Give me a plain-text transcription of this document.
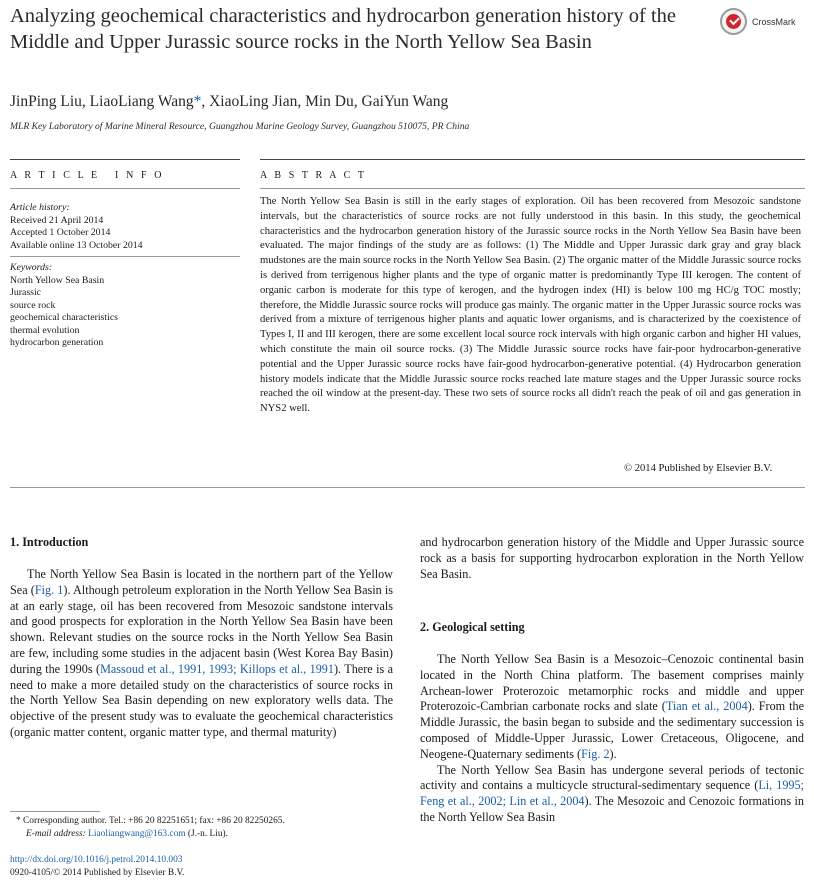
Analyzing geochemical characteristics and hydrocarbon generation history of the Middle and Upper Jurassic source rocks in the North Yellow Sea Basin
CrossMark
JinPing Liu, LiaoLiang Wang*, XiaoLing Jian, Min Du, GaiYun Wang
MLR Key Laboratory of Marine Mineral Resource, Guangzhou Marine Geology Survey, Guangzhou 510075, PR China
A R T I C L E   I N F O
Article history:
Received 21 April 2014
Accepted 1 October 2014
Available online 13 October 2014
Keywords:
North Yellow Sea Basin
Jurassic
source rock
geochemical characteristics
thermal evolution
hydrocarbon generation
A B S T R A C T
The North Yellow Sea Basin is still in the early stages of exploration. Oil has been recovered from Mesozoic sandstone intervals, but the characteristics of source rocks are not fully understood in this basin. In this study, the geochemical characteristics and the hydrocarbon generation history of the Jurassic source rocks in the North Yellow Sea Basin have been evaluated. The major findings of the study are as follows: (1) The Middle and Upper Jurassic dark gray and gray black mudstones are the main source rocks in the North Yellow Sea Basin. (2) The organic matter of the Middle Jurassic source rocks is derived from terrigenous higher plants and the type of organic matter is predominantly Type III kerogen. The content of organic carbon is moderate for this type of kerogen, and the hydrogen index (HI) is below 100 mg HC/g TOC mostly; therefore, the Middle Jurassic source rocks will produce gas mainly. The organic matter in the Upper Jurassic source rocks was derived from a mixture of terrigenous higher plants and aquatic lower organisms, and is characterized by the coexistence of Types I, II and III kerogen, there are some excellent local source rock intervals with high organic carbon and higher HI values, which constitute the main oil source rocks. (3) The Middle Jurassic source rocks have fair-poor hydrocarbon-generative potential and the Upper Jurassic source rocks have fair-good hydrocarbon-generative potential. (4) Hydrocarbon generation history models indicate that the Middle Jurassic source rocks reached late mature stages and the Upper Jurassic source rocks reached the oil window at the present-day. These two sets of source rocks all didn't reach the peak of oil and gas generation in NYS2 well.
© 2014 Published by Elsevier B.V.
1. Introduction

The North Yellow Sea Basin is located in the northern part of the Yellow Sea (Fig. 1). Although petroleum exploration in the North Yellow Sea Basin is at an early stage, oil has been recovered from Mesozoic sandstone intervals and good prospects for exploration in the North Yellow Sea Basin have been shown. Relevant studies on the source rocks in the North Yellow Sea Basin are few, including some studies in the adjacent basin (West Korea Bay Basin) during the 1990s (Massoud et al., 1991, 1993; Killops et al., 1991). There is a need to make a more detailed study on the characteristics of source rocks in the North Yellow Sea Basin depending on new exploratory wells data. The objective of the present study was to evaluate the geochemical characteristics (organic matter content, organic matter type, and thermal maturity)

and hydrocarbon generation history of the Middle and Upper Jurassic source rock as a basis for supporting hydrocarbon exploration in the North Yellow Sea Basin.
2. Geological setting

The North Yellow Sea Basin is a Mesozoic–Cenozoic continental basin located in the North China platform. The basement comprises mainly Archean-lower Proterozoic metamorphic rocks and middle and upper Proterozoic-Cambrian carbonate rocks and slate (Tian et al., 2004). From the Middle Jurassic, the basin began to subside and the sedimentary succession is composed of Middle-Upper Jurassic, Lower Cretaceous, Oligocene, and Neogene-Quaternary sediments (Fig. 2).

The North Yellow Sea Basin has undergone several periods of tectonic activity and contains a multicycle structural-sedimentary sequence (Li, 1995; Feng et al., 2002; Lin et al., 2004). The Mesozoic and Cenozoic formations in the North Yellow Sea Basin

* Corresponding author. Tel.: +86 20 82251651; fax: +86 20 82250265.
E-mail address: Liaoliangwang@163.com (J.-n. Liu).
http://dx.doi.org/10.1016/j.petrol.2014.10.003
0920-4105/© 2014 Published by Elsevier B.V.
